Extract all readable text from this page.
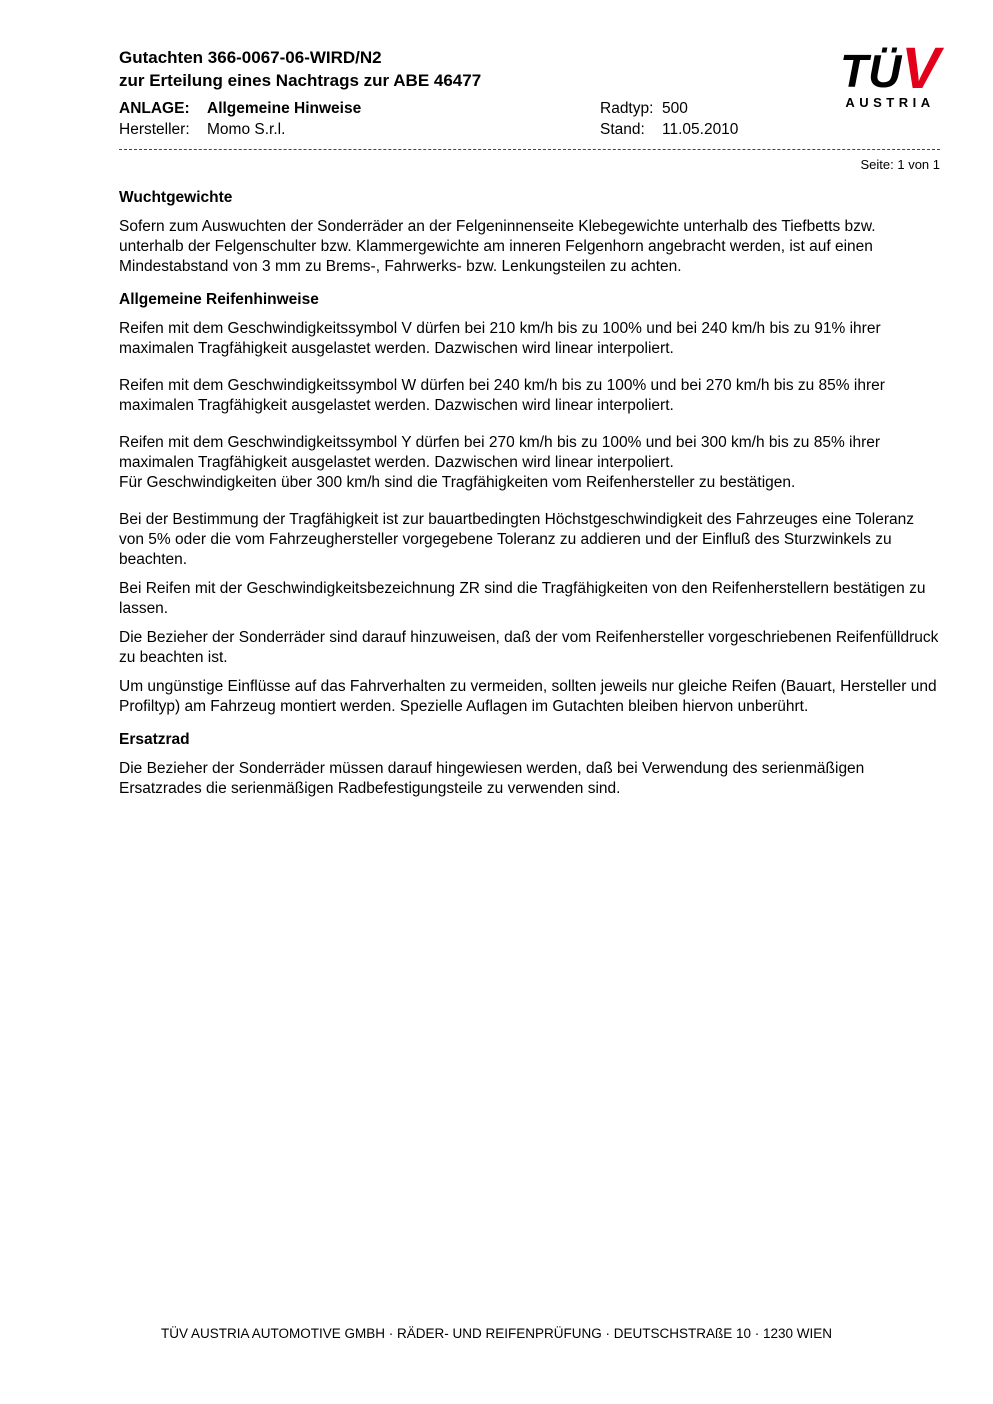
Gutachten 366-0067-06-WIRD/N2
zur Erteilung eines Nachtrags zur ABE 46477
ANLAGE: Allgemeine Hinweise	Radtyp: 500
Hersteller: Momo S.r.l.	Stand: 11.05.2010
T Ü V
AUSTRIA
Seite: 1 von 1
Wuchtgewichte

Sofern zum Auswuchten der Sonderräder an der Felgeninnenseite Klebegewichte unterhalb des Tiefbetts bzw. unterhalb der Felgenschulter bzw. Klammergewichte am inneren Felgenhorn angebracht werden, ist auf einen Mindestabstand von 3 mm zu Brems-, Fahrwerks- bzw. Lenkungsteilen zu achten.

Allgemeine Reifenhinweise

Reifen mit dem Geschwindigkeitssymbol V dürfen bei 210 km/h bis zu 100% und bei 240 km/h bis zu 91% ihrer maximalen Tragfähigkeit ausgelastet werden. Dazwischen wird linear interpoliert.

Reifen mit dem Geschwindigkeitssymbol W dürfen bei 240 km/h bis zu 100% und bei 270 km/h bis zu 85% ihrer maximalen Tragfähigkeit ausgelastet werden. Dazwischen wird linear interpoliert.

Reifen mit dem Geschwindigkeitssymbol Y dürfen bei 270 km/h bis zu 100% und bei 300 km/h bis zu 85% ihrer maximalen Tragfähigkeit ausgelastet werden. Dazwischen wird linear interpoliert.
Für Geschwindigkeiten über 300 km/h sind die Tragfähigkeiten vom Reifenhersteller zu bestätigen.

Bei der Bestimmung der Tragfähigkeit ist zur bauartbedingten Höchstgeschwindigkeit des Fahrzeuges eine Toleranz von 5% oder die vom Fahrzeughersteller vorgegebene Toleranz zu addieren und der Einfluß des Sturzwinkels zu beachten.

Bei Reifen mit der Geschwindigkeitsbezeichnung ZR sind die Tragfähigkeiten von den Reifenherstellern bestätigen zu lassen.

Die Bezieher der Sonderräder sind darauf hinzuweisen, daß der vom Reifenhersteller vorgeschriebenen Reifenfülldruck zu beachten ist.

Um ungünstige Einflüsse auf das Fahrverhalten zu vermeiden, sollten jeweils nur gleiche Reifen (Bauart, Hersteller und Profiltyp) am Fahrzeug montiert werden. Spezielle Auflagen im Gutachten bleiben hiervon unberührt.

Ersatzrad

Die Bezieher der Sonderräder müssen darauf hingewiesen werden, daß bei Verwendung des serienmäßigen Ersatzrades die serienmäßigen Radbefestigungsteile zu verwenden sind.

TÜV AUSTRIA AUTOMOTIVE GMBH · RÄDER- UND REIFENPRÜFUNG · DEUTSCHSTRAßE 10 · 1230 WIEN
